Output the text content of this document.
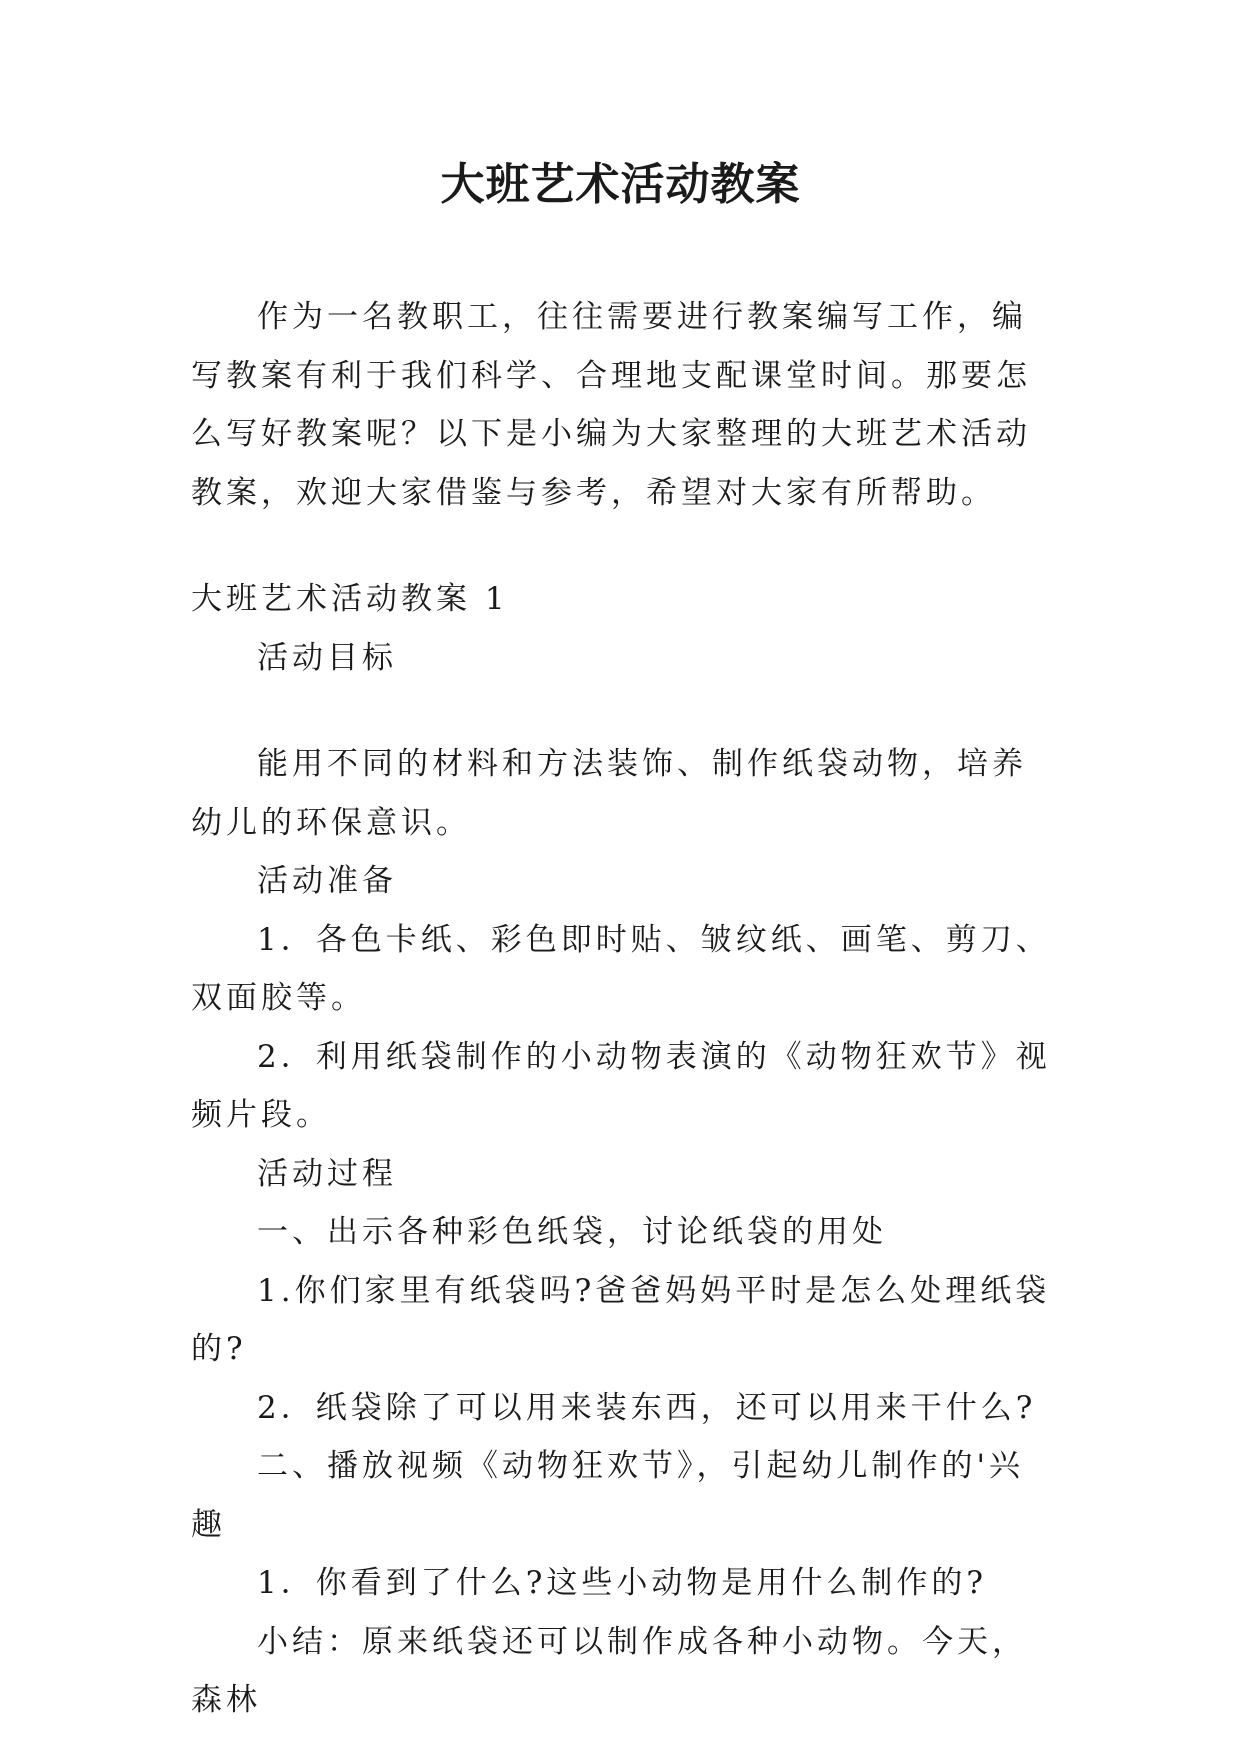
大班艺术活动教案

作为一名教职工，往往需要进行教案编写工作，编写教案有利于我们科学、合理地支配课堂时间。那要怎么写好教案呢？以下是小编为大家整理的大班艺术活动教案，欢迎大家借鉴与参考，希望对大家有所帮助。

大班艺术活动教案 1

活动目标

能用不同的材料和方法装饰、制作纸袋动物，培养幼儿的环保意识。

活动准备

1．各色卡纸、彩色即时贴、皱纹纸、画笔、剪刀、双面胶等。

2．利用纸袋制作的小动物表演的《动物狂欢节》视频片段。

活动过程

一、出示各种彩色纸袋，讨论纸袋的用处

1.你们家里有纸袋吗?爸爸妈妈平时是怎么处理纸袋的?

2．纸袋除了可以用来装东西，还可以用来干什么?

二、播放视频《动物狂欢节》，引起幼儿制作的'兴趣

1．你看到了什么?这些小动物是用什么制作的?

小结：原来纸袋还可以制作成各种小动物。今天，森林
